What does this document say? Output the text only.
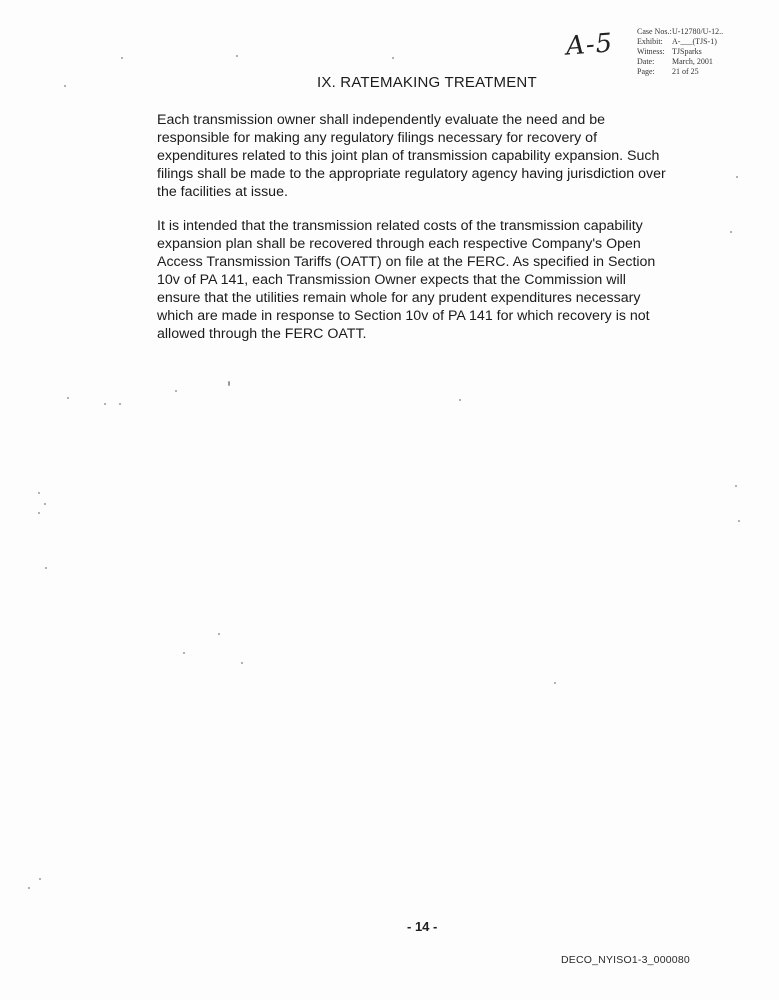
A-5	Case Nos.: U-12780/U-12..
Exhibit:	A-___(TJS-1)
Witness: TJSparks
Date:	March, 2001
Page:	21 of 25
IX. RATEMAKING TREATMENT

Each transmission owner shall independently evaluate the need and be
responsible for making any regulatory filings necessary for recovery of
expenditures related to this joint plan of transmission capability expansion. Such
filings shall be made to the appropriate regulatory agency having jurisdiction over
the facilities at issue.

It is intended that the transmission related costs of the transmission capability
expansion plan shall be recovered through each respective Company's Open
Access Transmission Tariffs (OATT) on file at the FERC. As specified in Section
10v of PA 141, each Transmission Owner expects that the Commission will
ensure that the utilities remain whole for any prudent expenditures necessary
which are made in response to Section 10v of PA 141 for which recovery is not
allowed through the FERC OATT.

- 14 -
DECO_NYISO1-3_000080
